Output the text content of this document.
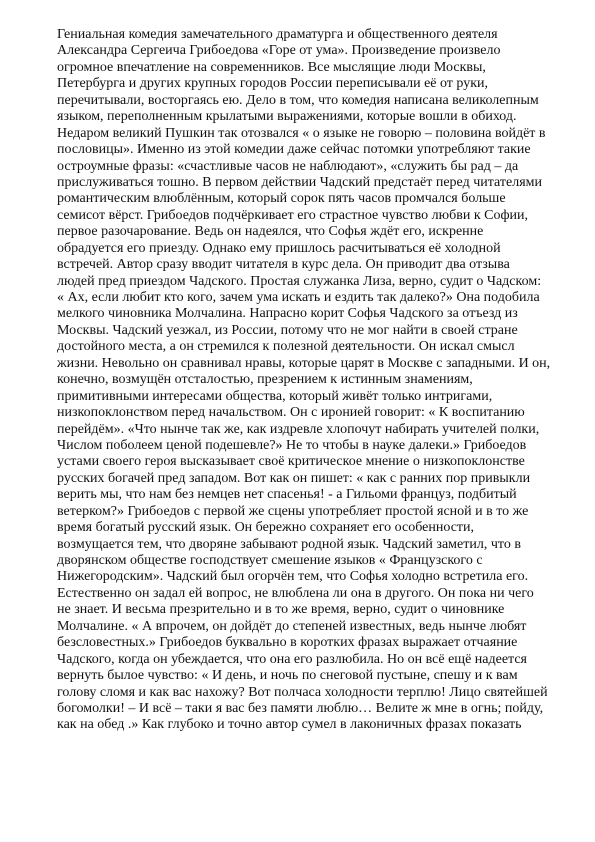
Гениальная комедия замечательного драматурга и общественного деятеля
Александра Сергеича Грибоедова «Горе от ума». Произведение произвело
огромное впечатление на современников. Все мыслящие люди Москвы,
Петербурга и других крупных городов России переписывали её от руки,
перечитывали, восторгаясь ею. Дело в том, что комедия написана великолепным
языком, переполненным крылатыми выражениями, которые вошли в обиход.
Недаром великий Пушкин так отозвался « о языке не говорю – половина войдёт в
пословицы». Именно из этой комедии даже сейчас потомки употребляют такие
остроумные фразы: «счастливые часов не наблюдают», «служить бы рад – да
прислуживаться тошно. В первом действии Чадский предстаёт перед читателями
романтическим влюблённым, который сорок пять часов промчался больше
семисот вёрст. Грибоедов подчёркивает его страстное чувство любви к Софии,
первое разочарование. Ведь он надеялся, что Софья ждёт его, искренне
обрадуется его приезду. Однако ему пришлось расчитываться её холодной
встречей. Автор сразу вводит читателя в курс дела. Он приводит два отзыва
людей пред приездом Чадского. Простая служанка Лиза, верно, судит о Чадском:
« Ах, если любит кто кого, зачем ума искать и ездить так далеко?» Она подобила
мелкого чиновника Молчалина. Напрасно корит Софья Чадского за отъезд из
Москвы. Чадский уезжал, из России, потому что не мог найти в своей стране
достойного места, а он стремился к полезной деятельности. Он искал смысл
жизни. Невольно он сравнивал нравы, которые царят в Москве с западными. И он,
конечно, возмущён отсталостью, презрением к истинным знамениям,
примитивными интересами общества, который живёт только интригами,
низкопоклонством перед начальством. Он с иронией говорит: « К воспитанию
перейдём». «Что нынче так же, как издревле хлопочут набирать учителей полки,
Числом поболеем ценой подешевле?» Не то чтобы в науке далеки.» Грибоедов
устами своего героя высказывает своё критическое мнение о низкопоклонстве
русских богачей пред западом. Вот как он пишет: « как с ранних пор привыкли
верить мы, что нам без немцев нет спасенья! - а Гильоми француз, подбитый
ветерком?» Грибоедов с первой же сцены употребляет простой ясной и в то же
время богатый русский язык. Он бережно сохраняет его особенности,
возмущается тем, что дворяне забывают родной язык. Чадский заметил, что в
дворянском обществе господствует смешение языков « Французского с
Нижегородским». Чадский был огорчён тем, что Софья холодно встретила его.
Естественно он задал ей вопрос, не влюблена ли она в другого. Он пока ни чего
не знает. И весьма презрительно и в то же время, верно, судит о чиновнике
Молчалине. « А впрочем, он дойдёт до степеней известных, ведь нынче любят
безсловестных.» Грибоедов буквально в коротких фразах выражает отчаяние
Чадского, когда он убеждается, что она его разлюбила. Но он всё ещё надеется
вернуть былое чувство: « И день, и ночь по снеговой пустыне, спешу и к вам
голову сломя и как вас нахожу? Вот полчаса холодности терплю! Лицо святейшей
богомолки! – И всё – таки я вас без памяти люблю… Велите ж мне в огнь; пойду,
как на обед .» Как глубоко и точно автор сумел в лаконичных фразах показать
